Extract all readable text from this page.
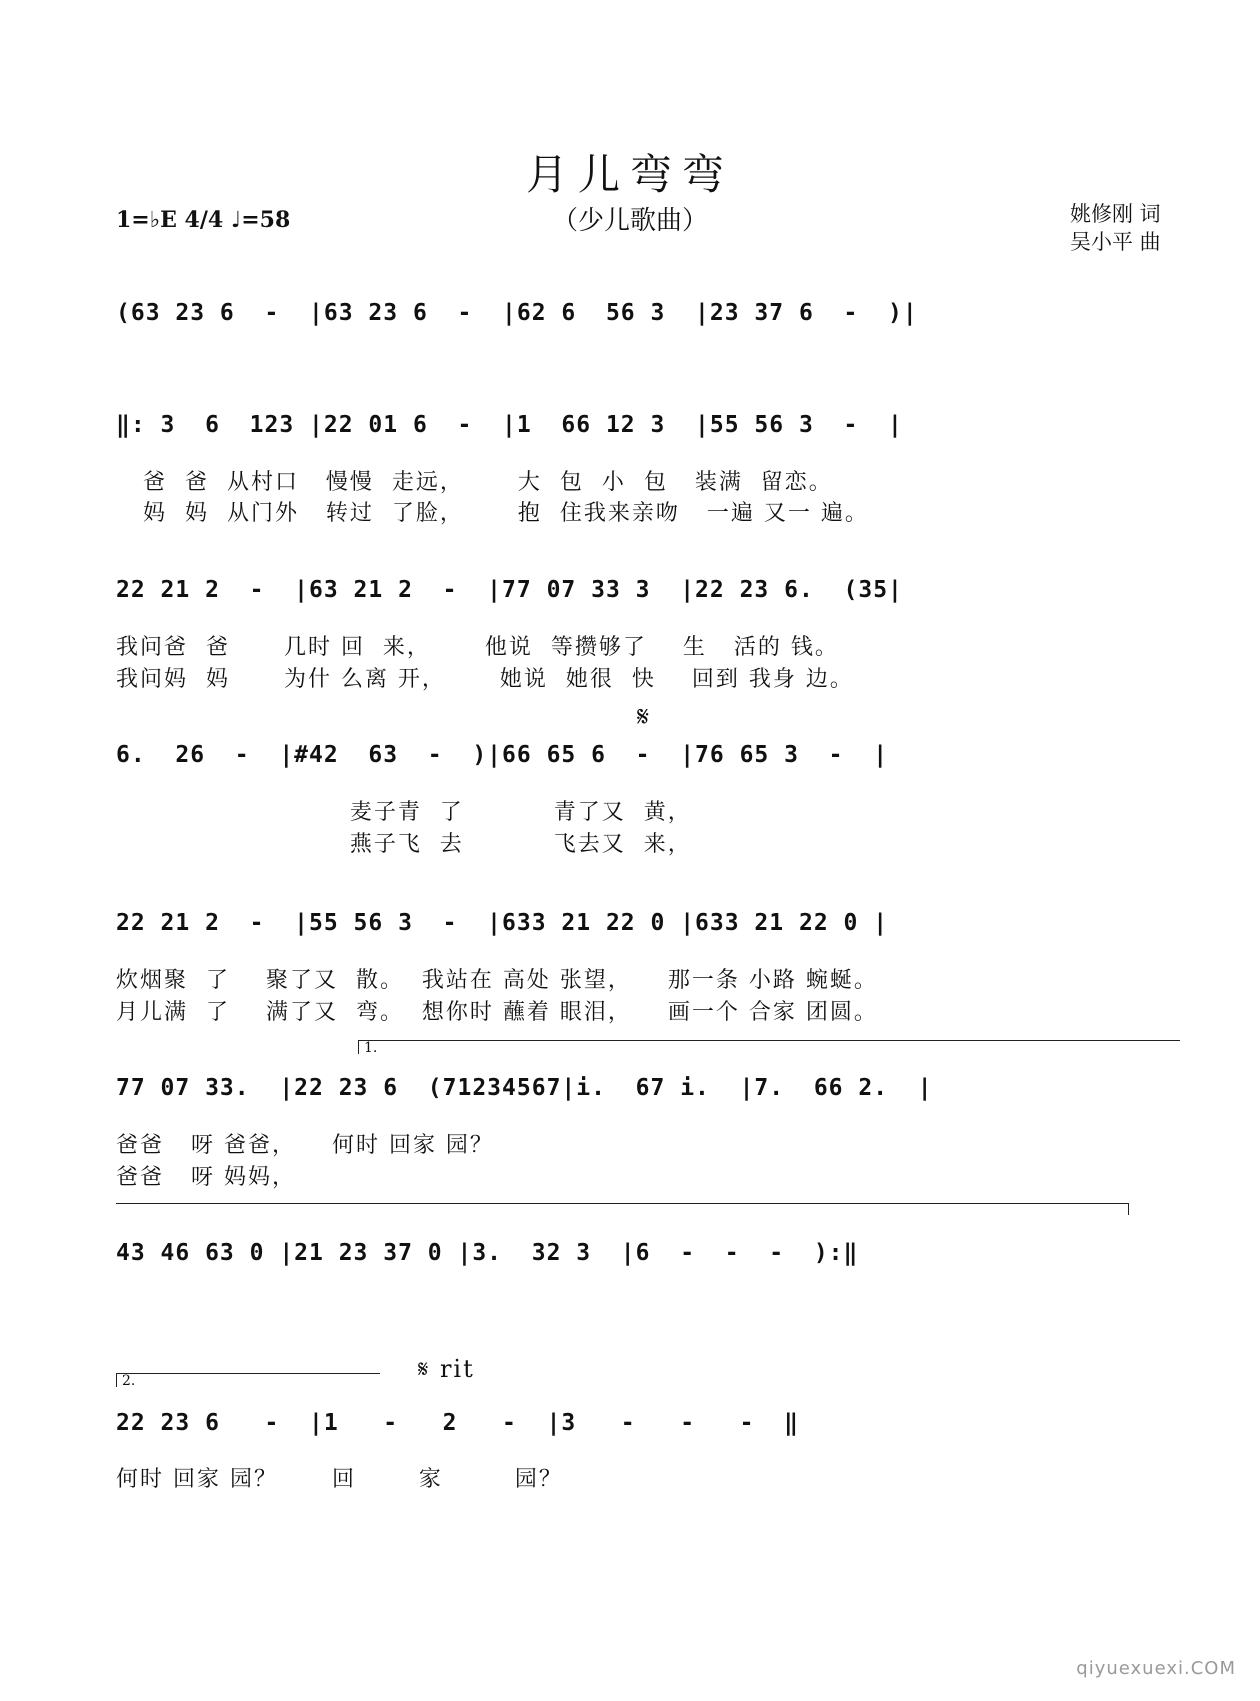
月儿弯弯
（少儿歌曲）
1=♭E 4/4 ♩=58	姚修刚 词
吴小平 曲
(63 23 6  -  |63 23 6  -  |62 6  56 3  |23 37 6  -  )|
‖: 3  6  123 |22 01 6  -  |1  66 12 3  |55 56 3  -  |
爸  爸  从村口   慢慢  走远，      大  包  小  包   装满  留恋。
妈  妈  从门外   转过  了脸，      抱  住我来亲吻   一遍 又一 遍。
22 21 2  -  |63 21 2  -  |77 07 33 3  |22 23 6.  (35|
我问爸  爸      几时 回  来，      他说  等攒够了    生   活的 钱。
我问妈  妈      为什 么离 开，      她说  她很  快    回到 我身 边。
𝄋
6.  26  -  |#42  63  -  )|66 65 6  -  |76 65 3  -  |
麦子青  了          青了又  黄，
燕子飞  去          飞去又  来，
22 21 2  -  |55 56 3  -  |633 21 22 0 |633 21 22 0 |
炊烟聚  了    聚了又  散。  我站在 高处 张望，    那一条 小路 蜿蜒。
月儿满  了    满了又  弯。  想你时 蘸着 眼泪，    画一个 合家 团圆。
1.
77 07 33.  |22 23 6  (71234567|i.  67 i.  |7.  66 2.  |
爸爸   呀 爸爸，    何时 回家 园？
爸爸   呀 妈妈，
43 46 63 0 |21 23 37 0 |3.  32 3  |6  -  -  -  ):‖
2.	𝄋 rit
22 23 6   -  |1   -   2   -  |3   -   -   -  ‖
何时 回家 园？      回       家        园？
qiyuexuexi.COM
